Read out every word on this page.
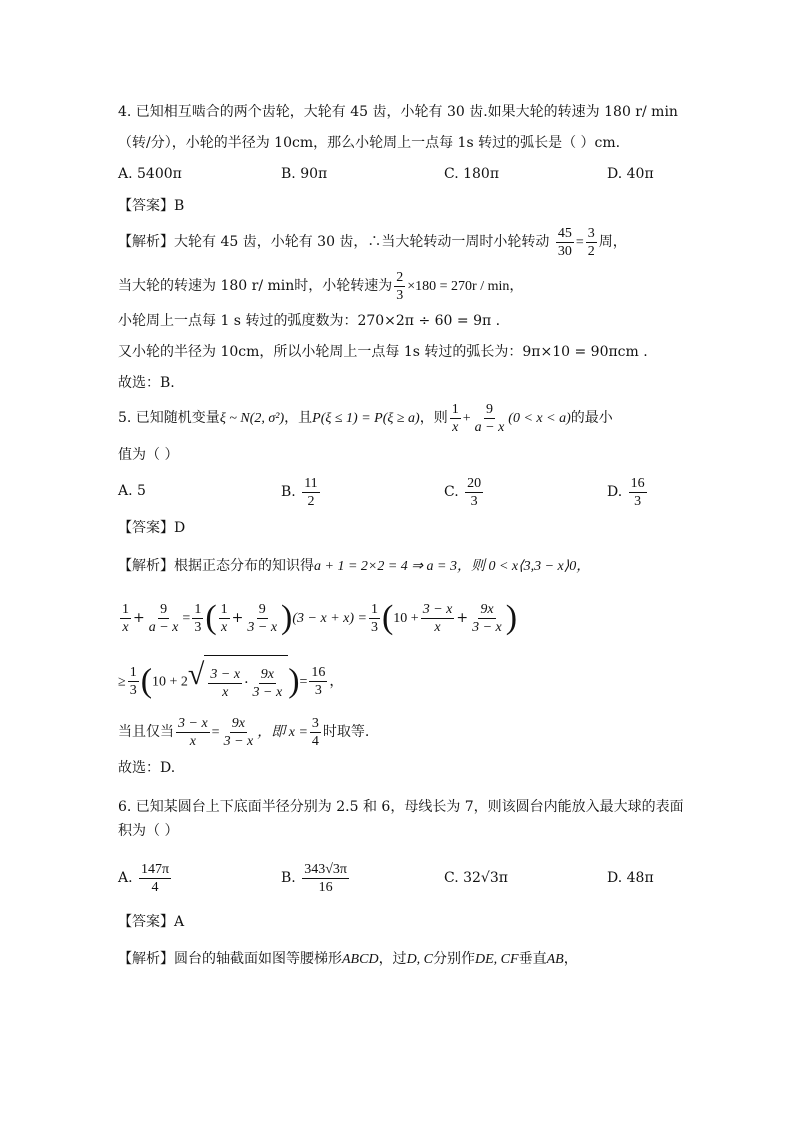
4. 已知相互啮合的两个齿轮，大轮有 45 齿，小轮有 30 齿.如果大轮的转速为 180 r/ min
（转/分），小轮的半径为 10cm，那么小轮周上一点每 1s 转过的弧长是（ ）cm.
A. 5400π	B. 90π	C. 180π	D. 40π
【答案】B
【解析】大轮有 45 齿，小轮有 30 齿，∴当大轮转动一周时小轮转动 $\frac{45}{30} = \frac{3}{2}$ 周，
当大轮的转速为 180 r/ min时，小轮转速为 $\frac{2}{3} \times 180 = 270r / \min$，
小轮周上一点每 1 s 转过的弧度数为：270×2π ÷ 60 = 9π .
又小轮的半径为 10cm，所以小轮周上一点每 1s 转过的弧长为：9π×10 = 90πcm .
故选：B.
5. 已知随机变量ξ ~ N(2, σ²)，且P(ξ ≤ 1) = P(ξ ≥ a)，则 $\frac{1}{x} + \frac{9}{a - x} (0 < x < a)$的最小
值为（ ）
A. 5	B. $\frac{11}{2}$	C. $\frac{20}{3}$	D. $\frac{16}{3}$
【答案】D
【解析】根据正态分布的知识得a + 1 = 2×2 = 4 ⇒ a = 3，则 0 < x⟨3,3 − x⟩0，
$\frac{1}{x} + \frac{9}{a - x} = \frac{1}{3}$ ( $\frac{1}{x} + \frac{9}{3 - x} )(3 - x + x) = \frac{1}{3} (10 + \frac{3 - x}{x} + \frac{9x}{3 - x}$ )
≥ $\frac{1}{3} (10 + 2$ √ $\frac{3 - x}{x} \cdot \frac{9x}{3 - x}$ )= $\frac{16}{3}$ ，
当且仅当 $\frac{3 - x}{x} = \frac{9x}{3 - x}$ ，即 $x = \frac{3}{4}$ 时取等.
故选：D.
6. 已知某圆台上下底面半径分别为 2.5 和 6，母线长为 7，则该圆台内能放入最大球的表面
积为（ ）
A. $\frac{147\pi}{4}$	B. $\frac{343√3\pi}{16}$	C. 32√3π	D. 48π
【答案】A
【解析】圆台的轴截面如图等腰梯形ABCD，过D, C分别作DE, CF垂直AB，
